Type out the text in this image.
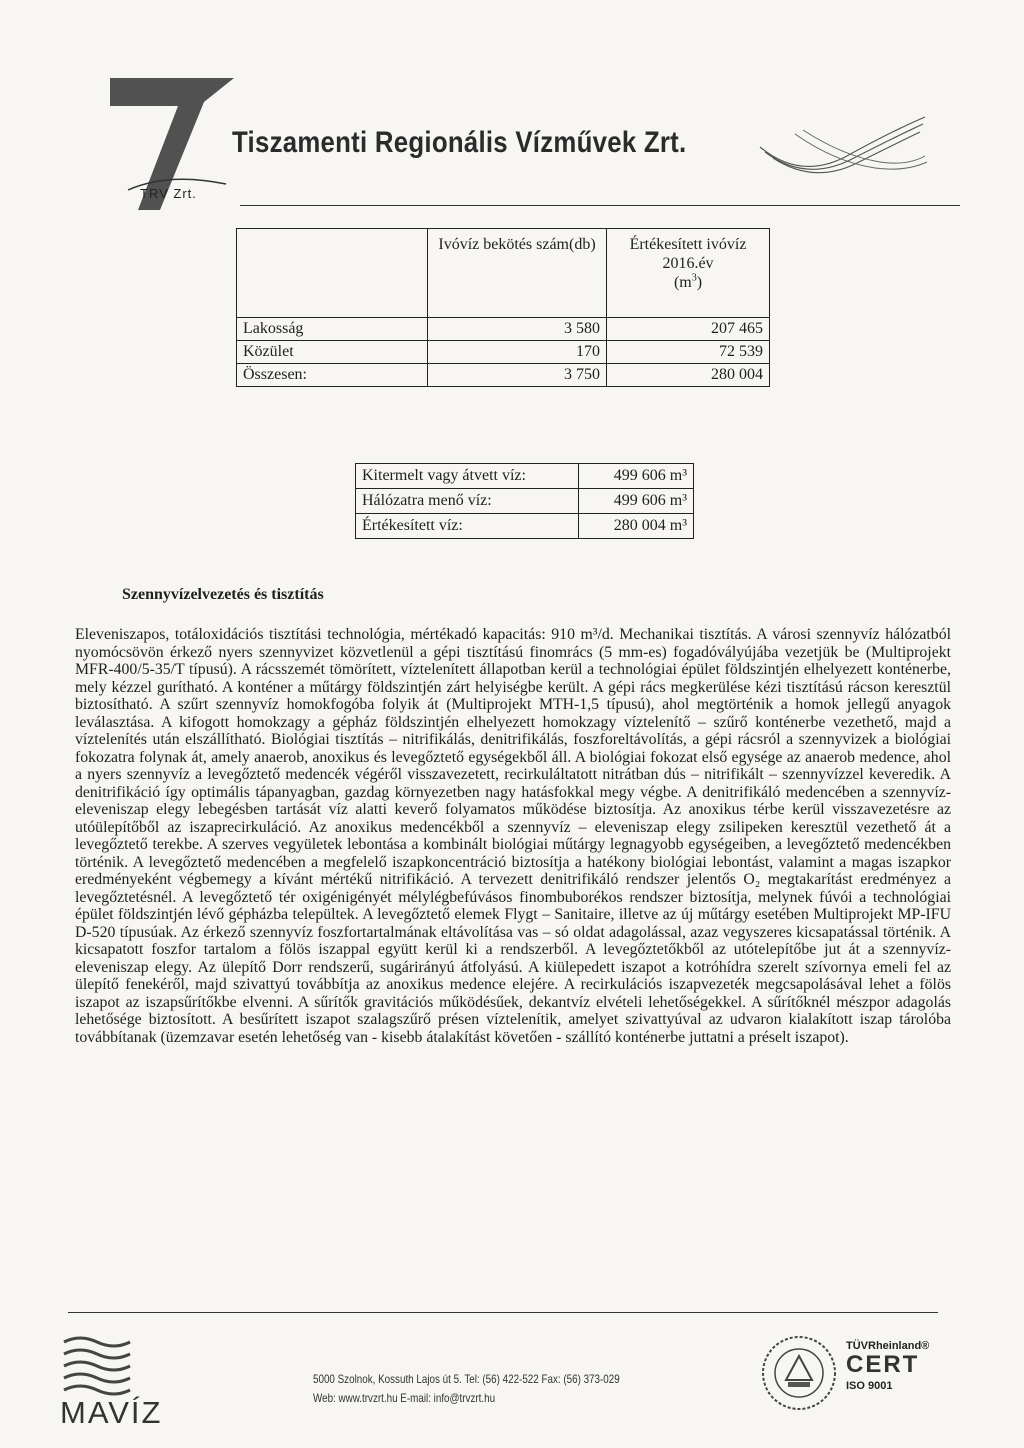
TRV Zrt.
Tiszamenti Regionális Vízművek Zrt.
	Ivóvíz bekötés szám(db)	Értékesített ivóvíz 2016.év
$(m^3)$
Lakosság	3 580	207 465
Közület	170	72 539
Összesen:	3 750	280 004
Kitermelt vagy átvett víz:	499 606 m³
Hálózatra menő víz:	499 606 m³
Értékesített víz:	280 004 m³
Szennyvízelvezetés és tisztítás
Eleveniszapos, totáloxidációs tisztítási technológia, mértékadó kapacitás: 910 m³/d. Mechanikai tisztítás. A városi szennyvíz hálózatból nyomócsövön érkező nyers szennyvizet közvetlenül a gépi tisztítású finomrács (5 mm-es) fogadóvályújába vezetjük be (Multiprojekt MFR-400/5-35/T típusú). A rácsszemét tömörített, víztelenített állapotban kerül a technológiai épület földszintjén elhelyezett konténerbe, mely kézzel gurítható. A konténer a műtárgy földszintjén zárt helyiségbe került. A gépi rács megkerülése kézi tisztítású rácson keresztül biztosítható. A szűrt szennyvíz homokfogóba folyik át (Multiprojekt MTH-1,5 típusú), ahol megtörténik a homok jellegű anyagok leválasztása. A kifogott homokzagy a gépház földszintjén elhelyezett homokzagy víztelenítő – szűrő konténerbe vezethető, majd a víztelenítés után elszállítható. Biológiai tisztítás – nitrifikálás, denitrifikálás, foszforeltávolítás, a gépi rácsról a szennyvizek a biológiai fokozatra folynak át, amely anaerob, anoxikus és levegőztető egységekből áll. A biológiai fokozat első egysége az anaerob medence, ahol a nyers szennyvíz a levegőztető medencék végéről visszavezetett, recirkuláltatott nitrátban dús – nitrifikált – szennyvízzel keveredik. A denitrifikáció így optimális tápanyagban, gazdag környezetben nagy hatásfokkal megy végbe. A denitrifikáló medencében a szennyvíz-eleveniszap elegy lebegésben tartását víz alatti keverő folyamatos működése biztosítja. Az anoxikus térbe kerül visszavezetésre az utóülepítőből az iszaprecirkuláció. Az anoxikus medencékből a szennyvíz – eleveniszap elegy zsilipeken keresztül vezethető át a levegőztető terekbe. A szerves vegyületek lebontása a kombinált biológiai műtárgy legnagyobb egységeiben, a levegőztető medencékben történik. A levegőztető medencében a megfelelő iszapkoncentráció biztosítja a hatékony biológiai lebontást, valamint a magas iszapkor eredményeként végbemegy a kívánt mértékű nitrifikáció. A tervezett denitrifikáló rendszer jelentős O₂ megtakarítást eredményez a levegőztetésnél. A levegőztető tér oxigénigényét mélylégbefúvásos finombuborékos rendszer biztosítja, melynek fúvói a technológiai épület földszintjén lévő gépházba települtek. A levegőztető elemek Flygt – Sanitaire, illetve az új műtárgy esetében Multiprojekt MP-IFU D-520 típusúak. Az érkező szennyvíz foszfortartalmának eltávolítása vas – só oldat adagolással, azaz vegyszeres kicsapatással történik. A kicsapatott foszfor tartalom a fölös iszappal együtt kerül ki a rendszerből. A levegőztetőkből az utótelepítőbe jut át a szennyvíz-eleveniszap elegy. Az ülepítő Dorr rendszerű, sugárirányú átfolyású. A kiülepedett iszapot a kotróhídra szerelt szívornya emeli fel az ülepítő fenekéről, majd szivattyú továbbítja az anoxikus medence elejére. A recirkulációs iszapvezeték megcsapolásával lehet a fölös iszapot az iszapsűrítőkbe elvenni. A sűrítők gravitációs működésűek, dekantvíz elvételi lehetőségekkel. A sűrítőknél mészpor adagolás lehetősége biztosított. A besűrített iszapot szalagszűrő présen víztelenítik, amelyet szivattyúval az udvaron kialakított iszap tárolóba továbbítanak (üzemzavar esetén lehetőség van - kisebb átalakítást követően - szállító konténerbe juttatni a préselt iszapot).
MAVÍZ
5000 Szolnok, Kossuth Lajos út 5. Tel: (56) 422-522 Fax: (56) 373-029
Web: www.trvzrt.hu E-mail: info@trvzrt.hu
TÜVRheinland®
CERT
ISO 9001
